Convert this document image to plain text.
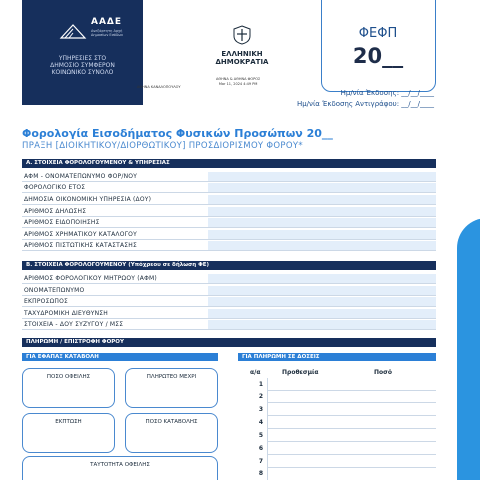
ΑΑΔΕ
Ανεξάρτητη Αρχή Δημοσίων Εσόδων
ΥΠΗΡΕΣΙΕΣ ΣΤΟ
ΔΗΜΟΣΙΟ ΣΥΜΦΕΡΟΝ
ΚΟΙΝΩΝΙΚΟ ΣΥΝΟΛΟ
ΕΛΛΗΝΙΚΗ ΔΗΜΟΚΡΑΤΙΑ
ΑΘΗΝΑ & ΑΘΗΝΑ ΦΟΡΟΣ
Mar 11, 2024 4:49 PM
ΑΘΗΝΑ ΚΑΝΑΛΟΠΟΥΛΟΥ
ΦΕΦΠ
20__
Ημ/νία Έκδοσης: __/__/____
Ημ/νία Έκδοσης Αντιγράφου: __/__/____
Φορολογία Εισοδήματος Φυσικών Προσώπων 20__
ΠΡΑΞΗ [ΔΙΟΙΚΗΤΙΚΟΥ/ΔΙΟΡΘΩΤΙΚΟΥ] ΠΡΟΣΔΙΟΡΙΣΜΟΥ ΦΟΡΟΥ*
Α. ΣΤΟΙΧΕΙΑ ΦΟΡΟΛΟΓΟΥΜΕΝΟΥ & ΥΠΗΡΕΣΙΑΣ
ΑΦΜ - ΟΝΟΜΑΤΕΠΩΝΥΜΟ ΦΟΡ/ΝΟΥ
ΦΟΡΟΛΟΓΙΚΟ ΕΤΟΣ
ΔΗΜΟΣΙΑ ΟΙΚΟΝΟΜΙΚΗ ΥΠΗΡΕΣΙΑ (ΔΟΥ)
ΑΡΙΘΜΟΣ ΔΗΛΩΣΗΣ
ΑΡΙΘΜΟΣ ΕΙΔΟΠΟΙΗΣΗΣ
ΑΡΙΘΜΟΣ ΧΡΗΜΑΤΙΚΟΥ ΚΑΤΑΛΟΓΟΥ
ΑΡΙΘΜΟΣ ΠΙΣΤΩΤΙΚΗΣ ΚΑΤΑΣΤΑΣΗΣ
Β. ΣΤΟΙΧΕΙΑ ΦΟΡΟΛΟΓΟΥΜΕΝΟΥ (Υπόχρεου σε δήλωση ΦΕ)
ΑΡΙΘΜΟΣ ΦΟΡΟΛΟΓΙΚΟΥ ΜΗΤΡΩΟΥ (ΑΦΜ)
ΟΝΟΜΑΤΕΠΩΝΥΜΟ
ΕΚΠΡΟΣΩΠΟΣ
ΤΑΧΥΔΡΟΜΙΚΗ ΔΙΕΥΘΥΝΣΗ
ΣΤΟΙΧΕΙΑ - ΔΟΥ ΣΥΖΥΓΟΥ / ΜΣΣ
ΠΛΗΡΩΜΗ / ΕΠΙΣΤΡΟΦΗ ΦΟΡΟΥ
ΓΙΑ ΕΦΑΠΑΞ ΚΑΤΑΒΟΛΗ
ΠΟΣΟ ΟΦΕΙΛΗΣ	ΠΛΗΡΩΤΕΟ ΜΕΧΡΙ
ΕΚΠΤΩΣΗ	ΠΟΣΟ ΚΑΤΑΒΟΛΗΣ
ΤΑΥΤΟΤΗΤΑ ΟΦΕΙΛΗΣ
ΓΙΑ ΠΛΗΡΩΜΗ ΣΕ ΔΟΣΕΙΣ
α/α	Προθεσμία	Ποσό
1
2
3
4
5
6
7
8
